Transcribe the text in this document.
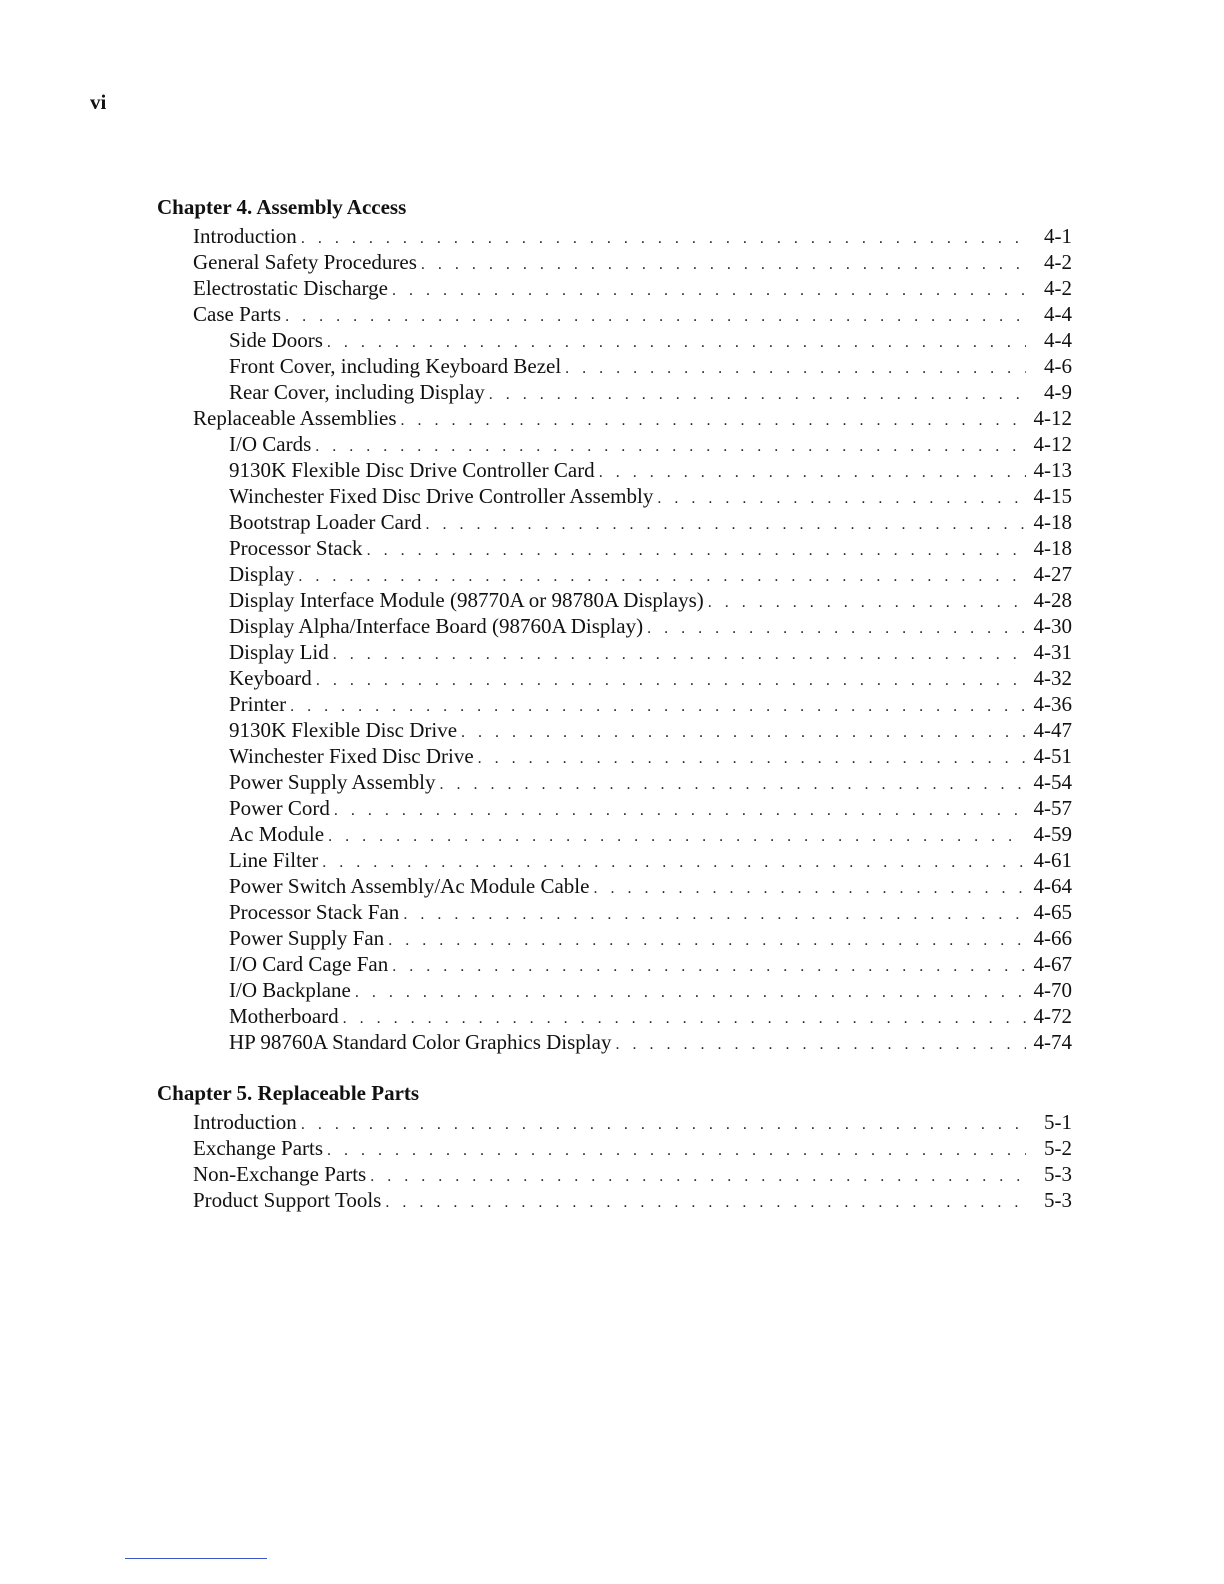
vi
Chapter 4. Assembly Access
Introduction . . .	4-1
General Safety Procedures . . .	4-2
Electrostatic Discharge . . .	4-2
Case Parts . . .	4-4
Side Doors . . .	4-4
Front Cover, including Keyboard Bezel . . .	4-6
Rear Cover, including Display . . .	4-9
Replaceable Assemblies . . .	4-12
I/O Cards . . .	4-12
9130K Flexible Disc Drive Controller Card . . .	4-13
Winchester Fixed Disc Drive Controller Assembly . . .	4-15
Bootstrap Loader Card . . .	4-18
Processor Stack . . .	4-18
Display . . .	4-27
Display Interface Module (98770A or 98780A Displays) . . .	4-28
Display Alpha/Interface Board (98760A Display) . . .	4-30
Display Lid . . .	4-31
Keyboard . . .	4-32
Printer . . .	4-36
9130K Flexible Disc Drive . . .	4-47
Winchester Fixed Disc Drive . . .	4-51
Power Supply Assembly . . .	4-54
Power Cord . . .	4-57
Ac Module . . .	4-59
Line Filter . . .	4-61
Power Switch Assembly/Ac Module Cable . . .	4-64
Processor Stack Fan . . .	4-65
Power Supply Fan . . .	4-66
I/O Card Cage Fan . . .	4-67
I/O Backplane . . .	4-70
Motherboard . . .	4-72
HP 98760A Standard Color Graphics Display . . .	4-74
Chapter 5. Replaceable Parts
Introduction . . .	5-1
Exchange Parts . . .	5-2
Non-Exchange Parts . . .	5-3
Product Support Tools . . .	5-3
